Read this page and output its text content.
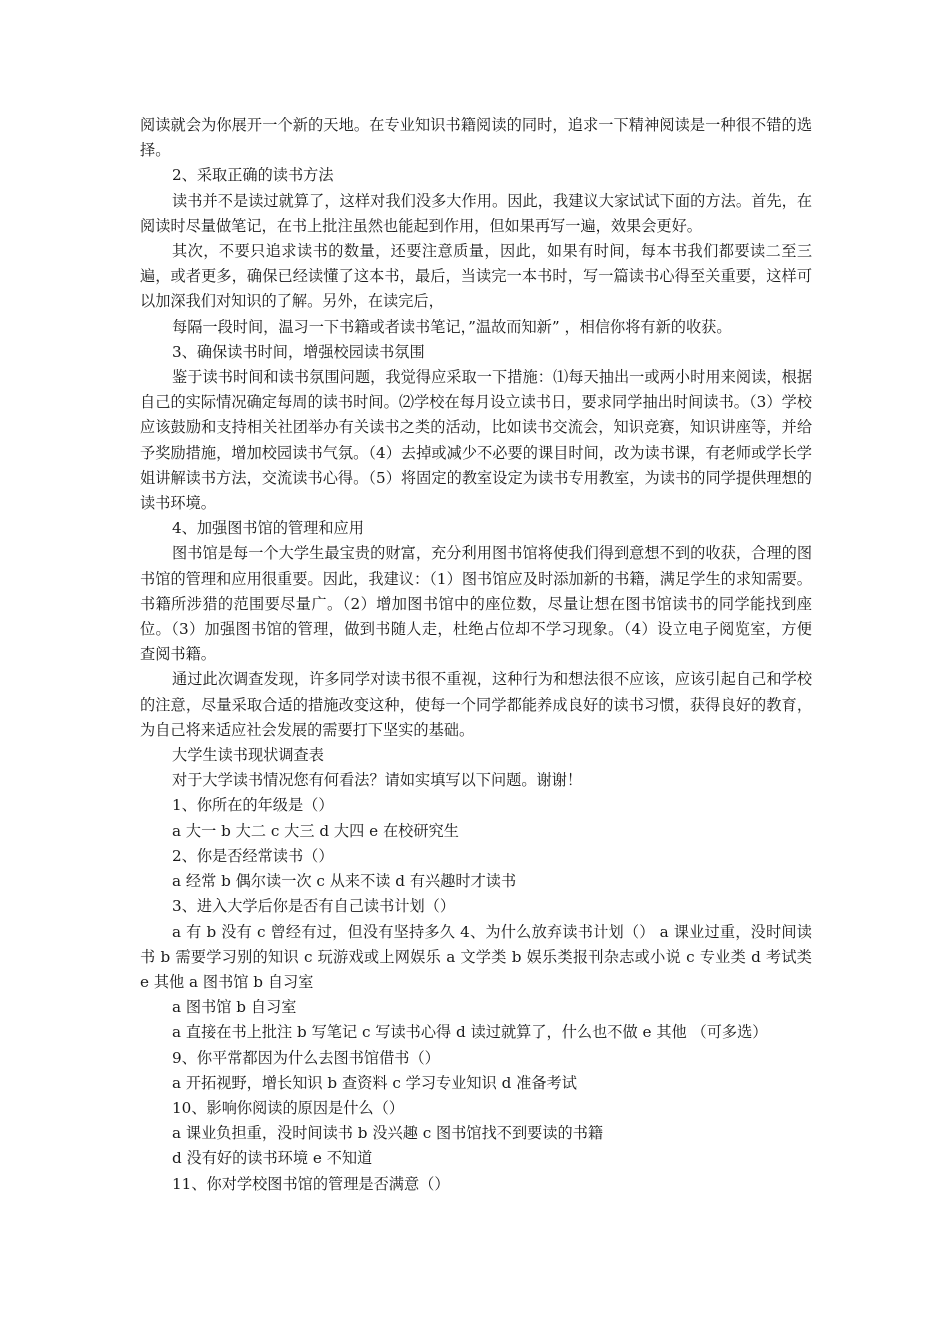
阅读就会为你展开一个新的天地。在专业知识书籍阅读的同时，追求一下精神阅读是一种很不错的选择。

2、采取正确的读书方法

读书并不是读过就算了，这样对我们没多大作用。因此，我建议大家试试下面的方法。首先，在阅读时尽量做笔记，在书上批注虽然也能起到作用，但如果再写一遍，效果会更好。

其次，不要只追求读书的数量，还要注意质量，因此，如果有时间，每本书我们都要读二至三遍，或者更多，确保已经读懂了这本书，最后，当读完一本书时，写一篇读书心得至关重要，这样可以加深我们对知识的了解。另外，在读完后，

每隔一段时间，温习一下书籍或者读书笔记，”温故而知新” ，相信你将有新的收获。

3、确保读书时间，增强校园读书氛围

鉴于读书时间和读书氛围问题，我觉得应采取一下措施：⑴每天抽出一或两小时用来阅读，根据自己的实际情况确定每周的读书时间。⑵学校在每月设立读书日，要求同学抽出时间读书。（3）学校应该鼓励和支持相关社团举办有关读书之类的活动，比如读书交流会，知识竞赛，知识讲座等，并给予奖励措施，增加校园读书气氛。（4）去掉或减少不必要的课目时间，改为读书课，有老师或学长学姐讲解读书方法，交流读书心得。（5）将固定的教室设定为读书专用教室，为读书的同学提供理想的读书环境。

4、加强图书馆的管理和应用

图书馆是每一个大学生最宝贵的财富，充分利用图书馆将使我们得到意想不到的收获，合理的图书馆的管理和应用很重要。因此，我建议：（1）图书馆应及时添加新的书籍，满足学生的求知需要。书籍所涉猎的范围要尽量广。（2）增加图书馆中的座位数，尽量让想在图书馆读书的同学能找到座位。（3）加强图书馆的管理，做到书随人走，杜绝占位却不学习现象。（4）设立电子阅览室，方便查阅书籍。

通过此次调查发现，许多同学对读书很不重视，这种行为和想法很不应该，应该引起自己和学校的注意，尽量采取合适的措施改变这种，使每一个同学都能养成良好的读书习惯，获得良好的教育，为自己将来适应社会发展的需要打下坚实的基础。

大学生读书现状调查表

对于大学读书情况您有何看法？请如实填写以下问题。谢谢！

1、你所在的年级是（）

a 大一 b 大二 c 大三 d 大四 e 在校研究生

2、你是否经常读书（）

a 经常 b 偶尔读一次 c 从来不读 d 有兴趣时才读书

3、进入大学后你是否有自己读书计划（）

a 有 b 没有 c 曾经有过，但没有坚持多久 4、为什么放弃读书计划（） a 课业过重，没时间读书 b 需要学习别的知识 c 玩游戏或上网娱乐 a 文学类 b 娱乐类报刊杂志或小说 c 专业类 d 考试类 e 其他 a 图书馆 b 自习室

a 图书馆 b 自习室

a 直接在书上批注 b 写笔记 c 写读书心得 d 读过就算了，什么也不做 e 其他 （可多选）

9、你平常都因为什么去图书馆借书（）

a 开拓视野，增长知识 b 查资料 c 学习专业知识 d 准备考试

10、影响你阅读的原因是什么（）

a 课业负担重，没时间读书 b 没兴趣 c 图书馆找不到要读的书籍

d 没有好的读书环境 e 不知道

11、你对学校图书馆的管理是否满意（）
